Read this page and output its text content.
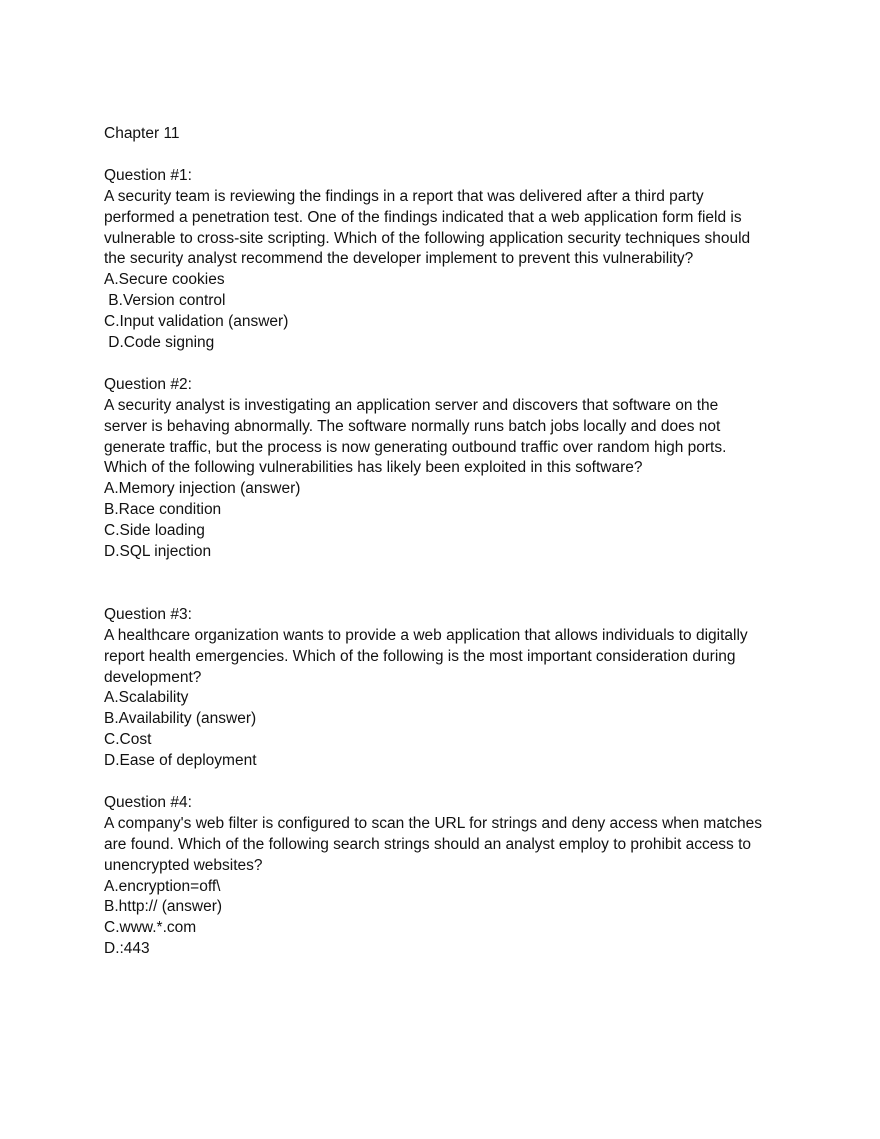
Chapter 11
Question #1:
A security team is reviewing the findings in a report that was delivered after a third party
performed a penetration test. One of the findings indicated that a web application form field is
vulnerable to cross-site scripting. Which of the following application security techniques should
the security analyst recommend the developer implement to prevent this vulnerability?
A.Secure cookies
B.Version control
C.Input validation (answer)
D.Code signing
Question #2:
A security analyst is investigating an application server and discovers that software on the
server is behaving abnormally. The software normally runs batch jobs locally and does not
generate traffic, but the process is now generating outbound traffic over random high ports.
Which of the following vulnerabilities has likely been exploited in this software?
A.Memory injection (answer)
B.Race condition
C.Side loading
D.SQL injection
Question #3:
A healthcare organization wants to provide a web application that allows individuals to digitally
report health emergencies. Which of the following is the most important consideration during
development?
A.Scalability
B.Availability (answer)
C.Cost
D.Ease of deployment
Question #4:
A company's web filter is configured to scan the URL for strings and deny access when matches
are found. Which of the following search strings should an analyst employ to prohibit access to
unencrypted websites?
A.encryption=off\
B.http:// (answer)
C.www.*.com
D.:443
